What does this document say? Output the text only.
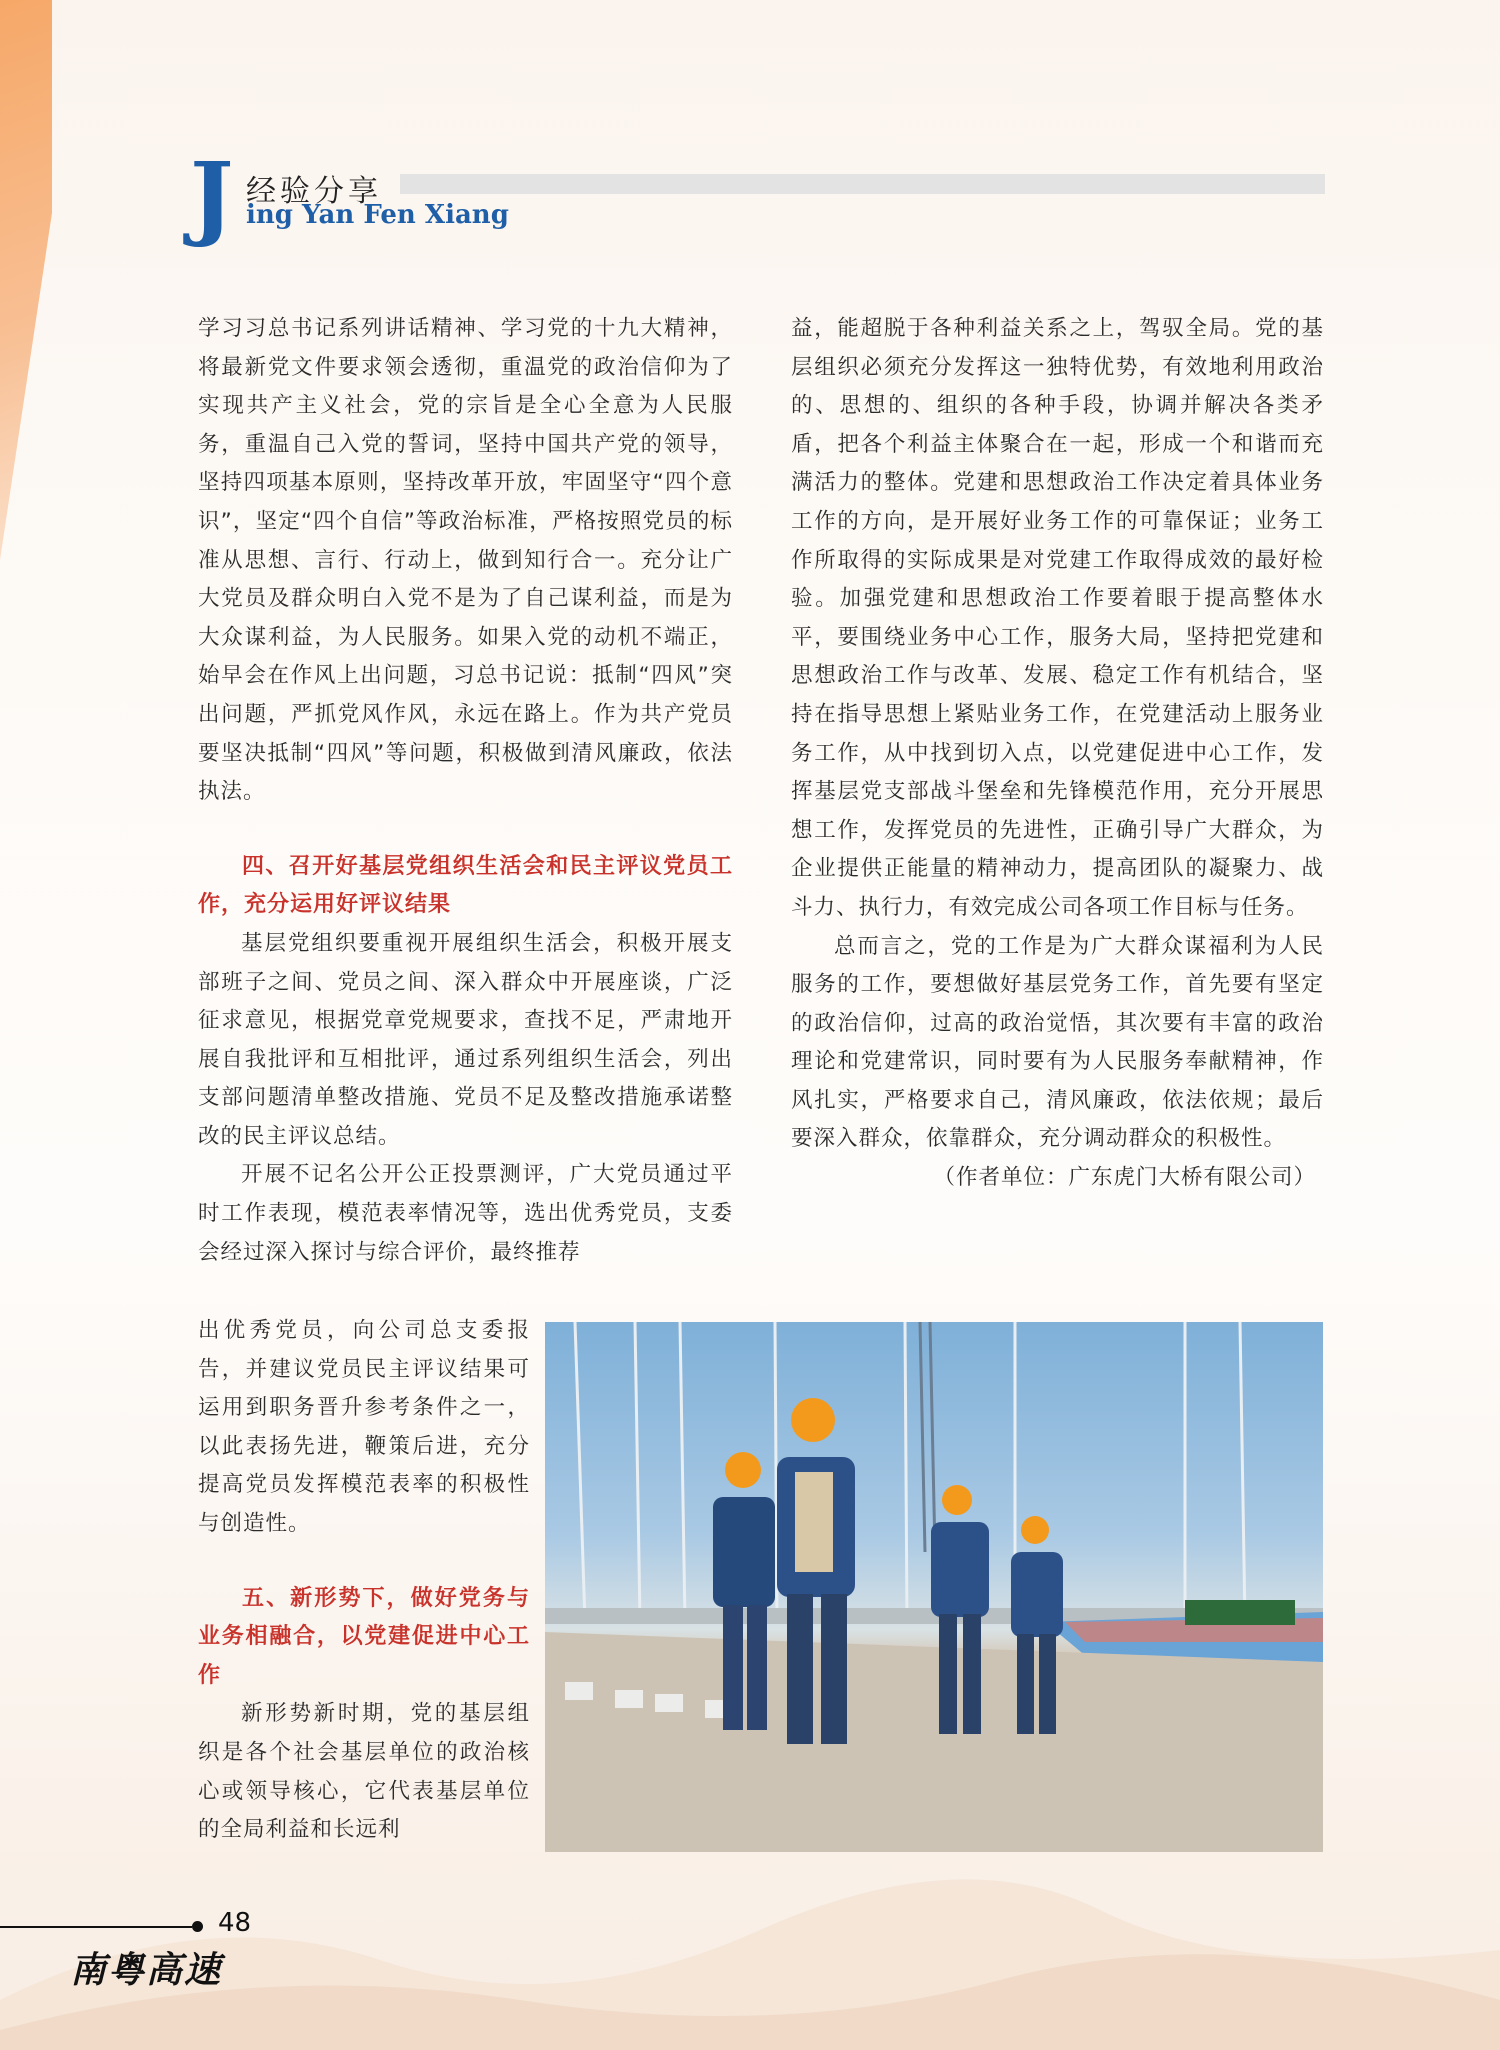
J 经验分享
ing Yan Fen Xiang

学习习总书记系列讲话精神、学习党的十九大精神，将最新党文件要求领会透彻，重温党的政治信仰为了实现共产主义社会，党的宗旨是全心全意为人民服务，重温自己入党的誓词，坚持中国共产党的领导，坚持四项基本原则，坚持改革开放，牢固坚守“四个意识”，坚定“四个自信”等政治标准，严格按照党员的标准从思想、言行、行动上，做到知行合一。充分让广大党员及群众明白入党不是为了自己谋利益，而是为大众谋利益，为人民服务。如果入党的动机不端正，始早会在作风上出问题，习总书记说：抵制“四风”突出问题，严抓党风作风，永远在路上。作为共产党员要坚决抵制“四风”等问题，积极做到清风廉政，依法执法。

四、召开好基层党组织生活会和民主评议党员工作，充分运用好评议结果

基层党组织要重视开展组织生活会，积极开展支部班子之间、党员之间、深入群众中开展座谈，广泛征求意见，根据党章党规要求，查找不足，严肃地开展自我批评和互相批评，通过系列组织生活会，列出支部问题清单整改措施、党员不足及整改措施承诺整改的民主评议总结。

开展不记名公开公正投票测评，广大党员通过平时工作表现，模范表率情况等，选出优秀党员，支委会经过深入探讨与综合评价，最终推荐

出优秀党员，向公司总支委报告，并建议党员民主评议结果可运用到职务晋升参考条件之一，以此表扬先进，鞭策后进，充分提高党员发挥模范表率的积极性与创造性。

五、新形势下，做好党务与业务相融合，以党建促进中心工作

新形势新时期，党的基层组织是各个社会基层单位的政治核心或领导核心，它代表基层单位的全局利益和长远利

益，能超脱于各种利益关系之上，驾驭全局。党的基层组织必须充分发挥这一独特优势，有效地利用政治的、思想的、组织的各种手段，协调并解决各类矛盾，把各个利益主体聚合在一起，形成一个和谐而充满活力的整体。党建和思想政治工作决定着具体业务工作的方向，是开展好业务工作的可靠保证；业务工作所取得的实际成果是对党建工作取得成效的最好检验。加强党建和思想政治工作要着眼于提高整体水平，要围绕业务中心工作，服务大局，坚持把党建和思想政治工作与改革、发展、稳定工作有机结合，坚持在指导思想上紧贴业务工作，在党建活动上服务业务工作，从中找到切入点，以党建促进中心工作，发挥基层党支部战斗堡垒和先锋模范作用，充分开展思想工作，发挥党员的先进性，正确引导广大群众，为企业提供正能量的精神动力，提高团队的凝聚力、战斗力、执行力，有效完成公司各项工作目标与任务。

总而言之，党的工作是为广大群众谋福利为人民服务的工作，要想做好基层党务工作，首先要有坚定的政治信仰，过高的政治觉悟，其次要有丰富的政治理论和党建常识，同时要有为人民服务奉献精神，作风扎实，严格要求自己，清风廉政，依法依规；最后要深入群众，依靠群众，充分调动群众的积极性。

（作者单位：广东虎门大桥有限公司）

48
南粤高速
